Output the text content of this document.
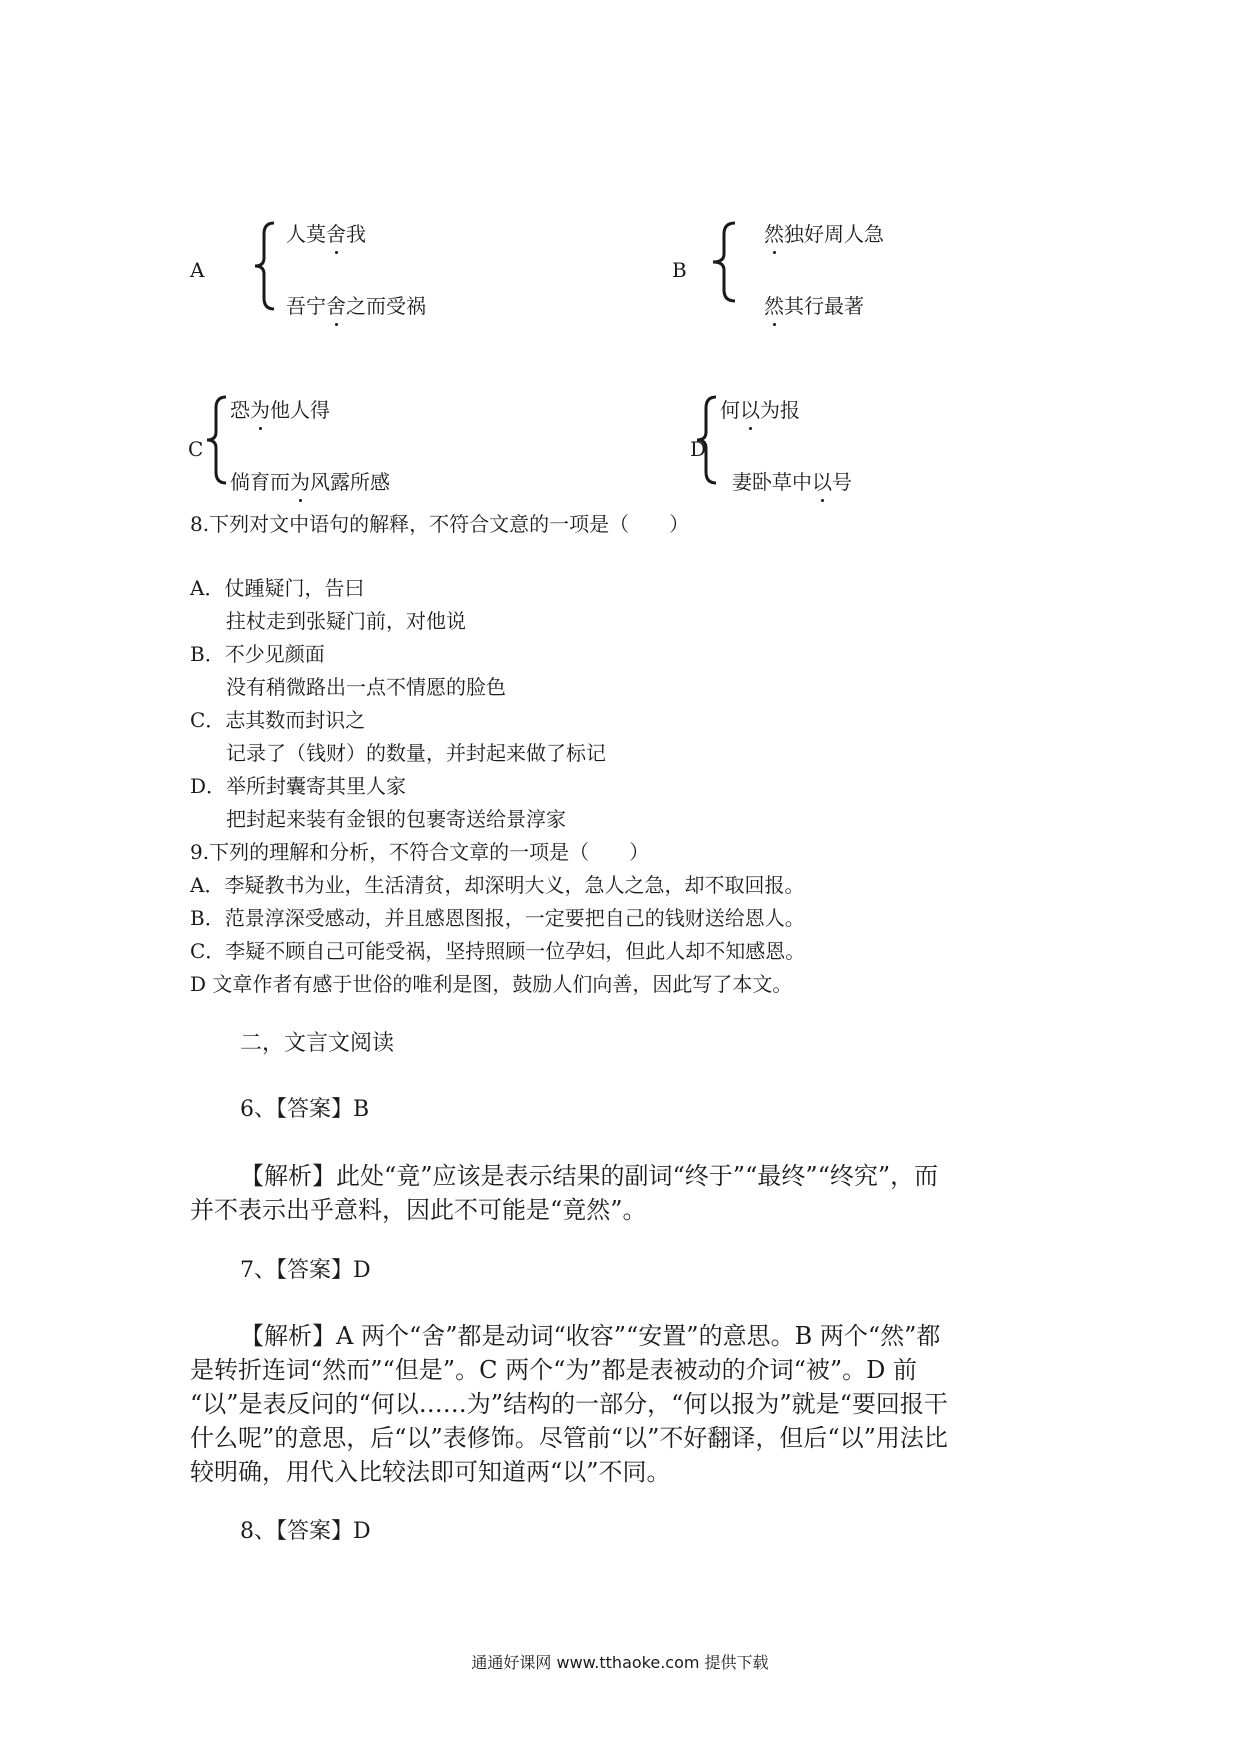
A
人莫舍我
吾宁舍之而受祸
B
然独好周人急
然其行最著
C
恐为他人得
倘育而为风露所感
D
何以为报
妻卧草中以号
8.下列对文中语句的解释，不符合文意的一项是（　　）
A．仗踵疑门，告曰
拄杖走到张疑门前，对他说
B．不少见颜面
没有稍微路出一点不情愿的脸色
C．志其数而封识之
记录了（钱财）的数量，并封起来做了标记
D．举所封囊寄其里人家
把封起来装有金银的包裹寄送给景淳家
9.下列的理解和分析，不符合文章的一项是（　　）
A．李疑教书为业，生活清贫，却深明大义，急人之急，却不取回报。
B．范景淳深受感动，并且感恩图报，一定要把自己的钱财送给恩人。
C．李疑不顾自己可能受祸，坚持照顾一位孕妇，但此人却不知感恩。
D 文章作者有感于世俗的唯利是图，鼓励人们向善，因此写了本文。
二，文言文阅读
6、【答案】B
【解析】此处“竟”应该是表示结果的副词“终于”“最终”“终究”，而
并不表示出乎意料，因此不可能是“竟然”。
7、【答案】D
【解析】A 两个“舍”都是动词“收容”“安置”的意思。B 两个“然”都
是转折连词“然而”“但是”。C 两个“为”都是表被动的介词“被”。D 前
“以”是表反问的“何以……为”结构的一部分，“何以报为”就是“要回报干
什么呢”的意思，后“以”表修饰。尽管前“以”不好翻译，但后“以”用法比
较明确，用代入比较法即可知道两“以”不同。
8、【答案】D
通通好课网 www.tthaoke.com 提供下载
